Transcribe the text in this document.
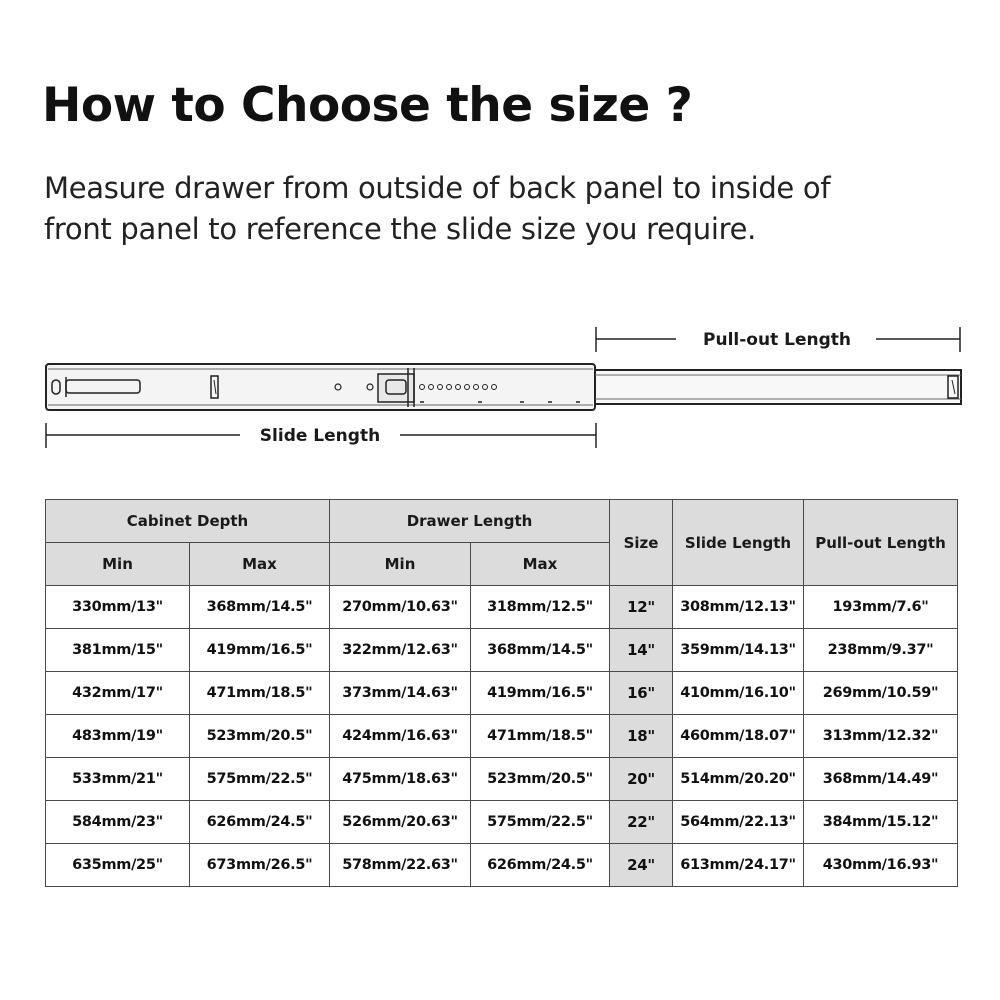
How to Choose the size ?

Measure drawer from outside of back panel to inside of
front panel to reference the slide size you require.

Pull-out Length
Slide Length
Cabinet Depth		Drawer Length		Size	Slide Length	Pull-out Length
Min	Max	Min	Max			
330mm/13"	368mm/14.5"	270mm/10.63"	318mm/12.5"	12"	308mm/12.13"	193mm/7.6"
381mm/15"	419mm/16.5"	322mm/12.63"	368mm/14.5"	14"	359mm/14.13"	238mm/9.37"
432mm/17"	471mm/18.5"	373mm/14.63"	419mm/16.5"	16"	410mm/16.10"	269mm/10.59"
483mm/19"	523mm/20.5"	424mm/16.63"	471mm/18.5"	18"	460mm/18.07"	313mm/12.32"
533mm/21"	575mm/22.5"	475mm/18.63"	523mm/20.5"	20"	514mm/20.20"	368mm/14.49"
584mm/23"	626mm/24.5"	526mm/20.63"	575mm/22.5"	22"	564mm/22.13"	384mm/15.12"
635mm/25"	673mm/26.5"	578mm/22.63"	626mm/24.5"	24"	613mm/24.17"	430mm/16.93"
